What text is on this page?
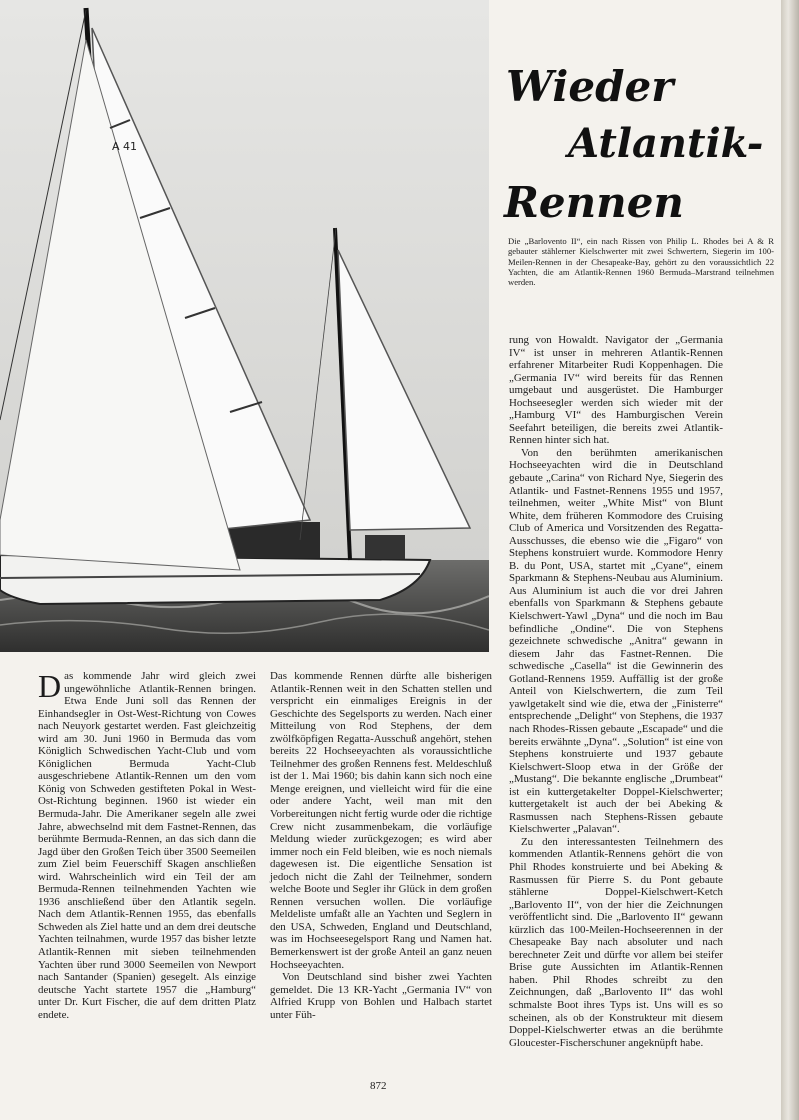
A 41
Wieder
Atlantik-
Rennen
Die „Barlovento II“, ein nach Rissen von Philip L. Rhodes bei A & R gebauter stählerner Kielschwerter mit zwei Schwertern, Siegerin im 100-Meilen-Rennen in der Chesapeake-Bay, gehört zu den voraussichtlich 22 Yachten, die am Atlantik-Rennen 1960 Bermuda–Marstrand teilnehmen werden.

Das kommende Jahr wird gleich zwei ungewöhnliche Atlantik-Rennen bringen. Etwa Ende Juni soll das Rennen der Einhandsegler in Ost-West-Richtung von Cowes nach Neuyork gestartet werden. Fast gleichzeitig wird am 30. Juni 1960 in Bermuda das vom Königlich Schwedischen Yacht-Club und vom Königlichen Bermuda Yacht-Club ausgeschriebene Atlantik-Rennen um den vom König von Schweden gestifteten Pokal in West-Ost-Richtung beginnen. 1960 ist wieder ein Bermuda-Jahr. Die Amerikaner segeln alle zwei Jahre, abwechselnd mit dem Fastnet-Rennen, das berühmte Bermuda-Rennen, an das sich dann die Jagd über den Großen Teich über 3500 Seemeilen zum Ziel beim Feuerschiff Skagen anschließen wird. Wahrscheinlich wird ein Teil der am Bermuda-Rennen teilnehmenden Yachten wie 1936 anschließend über den Atlantik segeln. Nach dem Atlantik-Rennen 1955, das ebenfalls Schweden als Ziel hatte und an dem drei deutsche Yachten teilnahmen, wurde 1957 das bisher letzte Atlantik-Rennen mit sieben teilnehmenden Yachten über rund 3000 Seemeilen von Newport nach Santander (Spanien) gesegelt. Als einzige deutsche Yacht startete 1957 die „Hamburg“ unter Dr. Kurt Fischer, die auf dem dritten Platz endete.

Das kommende Rennen dürfte alle bisherigen Atlantik-Rennen weit in den Schatten stellen und verspricht ein einmaliges Ereignis in der Geschichte des Segelsports zu werden. Nach einer Mitteilung von Rod Stephens, der dem zwölfköpfigen Regatta-Ausschuß angehört, stehen bereits 22 Hochseeyachten als voraussichtliche Teilnehmer des großen Rennens fest. Meldeschluß ist der 1. Mai 1960; bis dahin kann sich noch eine Menge ereignen, und vielleicht wird für die eine oder andere Yacht, weil man mit den Vorbereitungen nicht fertig wurde oder die richtige Crew nicht zusammenbekam, die vorläufige Meldung wieder zurückgezogen; es wird aber immer noch ein Feld bleiben, wie es noch niemals dagewesen ist. Die eigentliche Sensation ist jedoch nicht die Zahl der Teilnehmer, sondern welche Boote und Segler ihr Glück in dem großen Rennen versuchen wollen. Die vorläufige Meldeliste umfaßt alle an Yachten und Seglern in den USA, Schweden, England und Deutschland, was im Hochseesegelsport Rang und Namen hat. Bemerkenswert ist der große Anteil an ganz neuen Hochseeyachten.

Von Deutschland sind bisher zwei Yachten gemeldet. Die 13 KR-Yacht „Germania IV“ von Alfried Krupp von Bohlen und Halbach startet unter Füh-

rung von Howaldt. Navigator der „Germania IV“ ist unser in mehreren Atlantik-Rennen erfahrener Mitarbeiter Rudi Koppenhagen. Die „Germania IV“ wird bereits für das Rennen umgebaut und ausgerüstet. Die Hamburger Hochseesegler werden sich wieder mit der „Hamburg VI“ des Hamburgischen Verein Seefahrt beteiligen, die bereits zwei Atlantik-Rennen hinter sich hat.

Von den berühmten amerikanischen Hochseeyachten wird die in Deutschland gebaute „Carina“ von Richard Nye, Siegerin des Atlantik- und Fastnet-Rennens 1955 und 1957, teilnehmen, weiter „White Mist“ von Blunt White, dem früheren Kommodore des Cruising Club of America und Vorsitzenden des Regatta-Ausschusses, die ebenso wie die „Figaro“ von Stephens konstruiert wurde. Kommodore Henry B. du Pont, USA, startet mit „Cyane“, einem Sparkmann & Stephens-Neubau aus Aluminium. Aus Aluminium ist auch die vor drei Jahren ebenfalls von Sparkmann & Stephens gebaute Kielschwert-Yawl „Dyna“ und die noch im Bau befindliche „Ondine“. Die von Stephens gezeichnete schwedische „Anitra“ gewann in diesem Jahr das Fastnet-Rennen. Die schwedische „Casella“ ist die Gewinnerin des Gotland-Rennens 1959. Auffällig ist der große Anteil von Kielschwertern, die zum Teil yawlgetakelt sind wie die, etwa der „Finisterre“ entsprechende „Delight“ von Stephens, die 1937 nach Rhodes-Rissen gebaute „Escapade“ und die bereits erwähnte „Dyna“. „Solution“ ist eine von Stephens konstruierte und 1937 gebaute Kielschwert-Sloop etwa in der Größe der „Mustang“. Die bekannte englische „Drumbeat“ ist ein kuttergetakelter Doppel-Kielschwerter; kuttergetakelt ist auch der bei Abeking & Rasmussen nach Stephens-Rissen gebaute Kielschwerter „Palavan“.

Zu den interessantesten Teilnehmern des kommenden Atlantik-Rennens gehört die von Phil Rhodes konstruierte und bei Abeking & Rasmussen für Pierre S. du Pont gebaute stählerne Doppel-Kielschwert-Ketch „Barlovento II“, von der hier die Zeichnungen veröffentlicht sind. Die „Barlovento II“ gewann kürzlich das 100-Meilen-Hochseerennen in der Chesapeake Bay nach absoluter und nach berechneter Zeit und dürfte vor allem bei steifer Brise gute Aussichten im Atlantik-Rennen haben. Phil Rhodes schreibt zu den Zeichnungen, daß „Barlovento II“ das wohl schmalste Boot ihres Typs ist. Uns will es so scheinen, als ob der Konstrukteur mit diesem Doppel-Kielschwerter etwas an die berühmte Gloucester-Fischerschuner angeknüpft habe.

872
